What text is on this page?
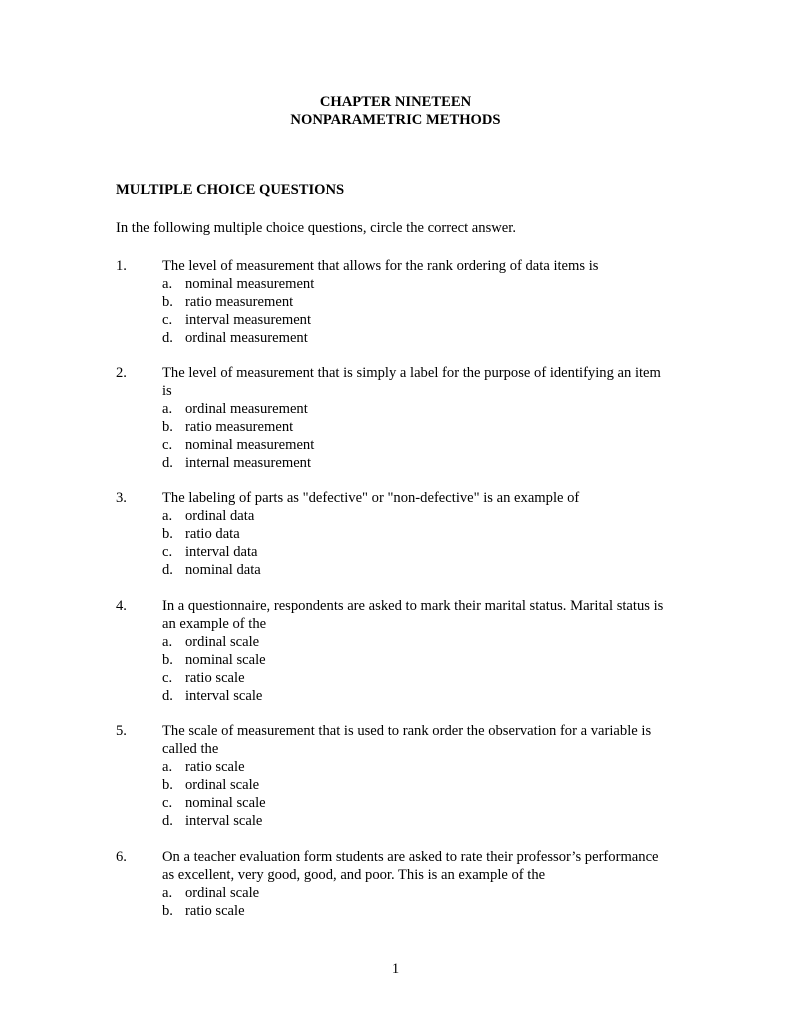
CHAPTER NINETEEN
NONPARAMETRIC METHODS
MULTIPLE CHOICE QUESTIONS
In the following multiple choice questions, circle the correct answer.
1. The level of measurement that allows for the rank ordering of data items is
a. nominal measurement
b. ratio measurement
c. interval measurement
d. ordinal measurement
2. The level of measurement that is simply a label for the purpose of identifying an item is
a. ordinal measurement
b. ratio measurement
c. nominal measurement
d. internal measurement
3. The labeling of parts as "defective" or "non-defective" is an example of
a. ordinal data
b. ratio data
c. interval data
d. nominal data
4. In a questionnaire, respondents are asked to mark their marital status. Marital status is an example of the
a. ordinal scale
b. nominal scale
c. ratio scale
d. interval scale
5. The scale of measurement that is used to rank order the observation for a variable is called the
a. ratio scale
b. ordinal scale
c. nominal scale
d. interval scale
6. On a teacher evaluation form students are asked to rate their professor’s performance as excellent, very good, good, and poor. This is an example of the
a. ordinal scale
b. ratio scale
1
